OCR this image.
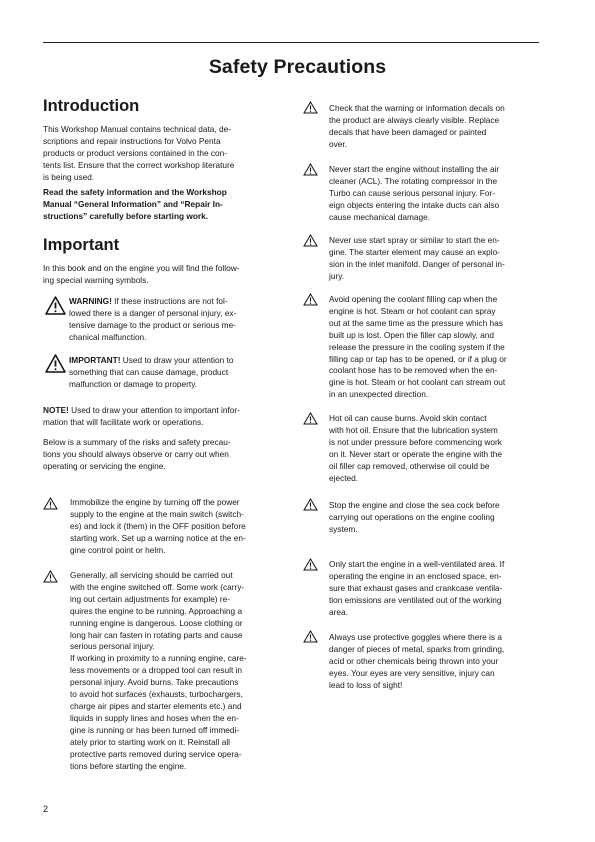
Safety Precautions
Introduction
This Workshop Manual contains technical data, de-
scriptions and repair instructions for Volvo Penta
products or product versions contained in the con-
tents list. Ensure that the correct workshop literature
is being used.
Read the safety information and the Workshop
Manual “General Information” and “Repair In-
structions” carefully before starting work.
Important
In this book and on the engine you will find the follow-
ing special warning symbols.
WARNING! If these instructions are not fol-
lowed there is a danger of personal injury, ex-
tensive damage to the product or serious me-
chanical malfunction.
IMPORTANT! Used to draw your attention to
something that can cause damage, product
malfunction or damage to property.
NOTE! Used to draw your attention to important infor-
mation that will facilitate work or operations.
Below is a summary of the risks and safety precau-
tions you should always observe or carry out when
operating or servicing the engine.
Immobilize the engine by turning off the power
supply to the engine at the main switch (switch-
es) and lock it (them) in the OFF position before
starting work. Set up a warning notice at the en-
gine control point or helm.
Generally, all servicing should be carried out
with the engine switched off. Some work (carry-
ing out certain adjustments for example) re-
quires the engine to be running. Approaching a
running engine is dangerous. Loose clothing or
long hair can fasten in rotating parts and cause
serious personal injury.
If working in proximity to a running engine, care-
less movements or a dropped tool can result in
personal injury. Avoid burns. Take precautions
to avoid hot surfaces (exhausts, turbochargers,
charge air pipes and starter elements etc.) and
liquids in supply lines and hoses when the en-
gine is running or has been turned off immedi-
ately prior to starting work on it. Reinstall all
protective parts removed during service opera-
tions before starting the engine.
Check that the warning or information decals on
the product are always clearly visible. Replace
decals that have been damaged or painted
over.
Never start the engine without installing the air
cleaner (ACL). The rotating compressor in the
Turbo can cause serious personal injury. For-
eign objects entering the intake ducts can also
cause mechanical damage.
Never use start spray or similar to start the en-
gine. The starter element may cause an explo-
sion in the inlet manifold. Danger of personal in-
jury.
Avoid opening the coolant filling cap when the
engine is hot. Steam or hot coolant can spray
out at the same time as the pressure which has
built up is lost. Open the filler cap slowly, and
release the pressure in the cooling system if the
filling cap or tap has to be opened, or if a plug or
coolant hose has to be removed when the en-
gine is hot. Steam or hot coolant can stream out
in an unexpected direction.
Hot oil can cause burns. Avoid skin contact
with hot oil. Ensure that the lubrication system
is not under pressure before commencing work
on it. Never start or operate the engine with the
oil filler cap removed, otherwise oil could be
ejected.
Stop the engine and close the sea cock before
carrying out operations on the engine cooling
system.
Only start the engine in a well-ventilated area. If
operating the engine in an enclosed space, en-
sure that exhaust gases and crankcase ventila-
tion emissions are ventilated out of the working
area.
Always use protective goggles where there is a
danger of pieces of metal, sparks from grinding,
acid or other chemicals being thrown into your
eyes. Your eyes are very sensitive, injury can
lead to loss of sight!
2
